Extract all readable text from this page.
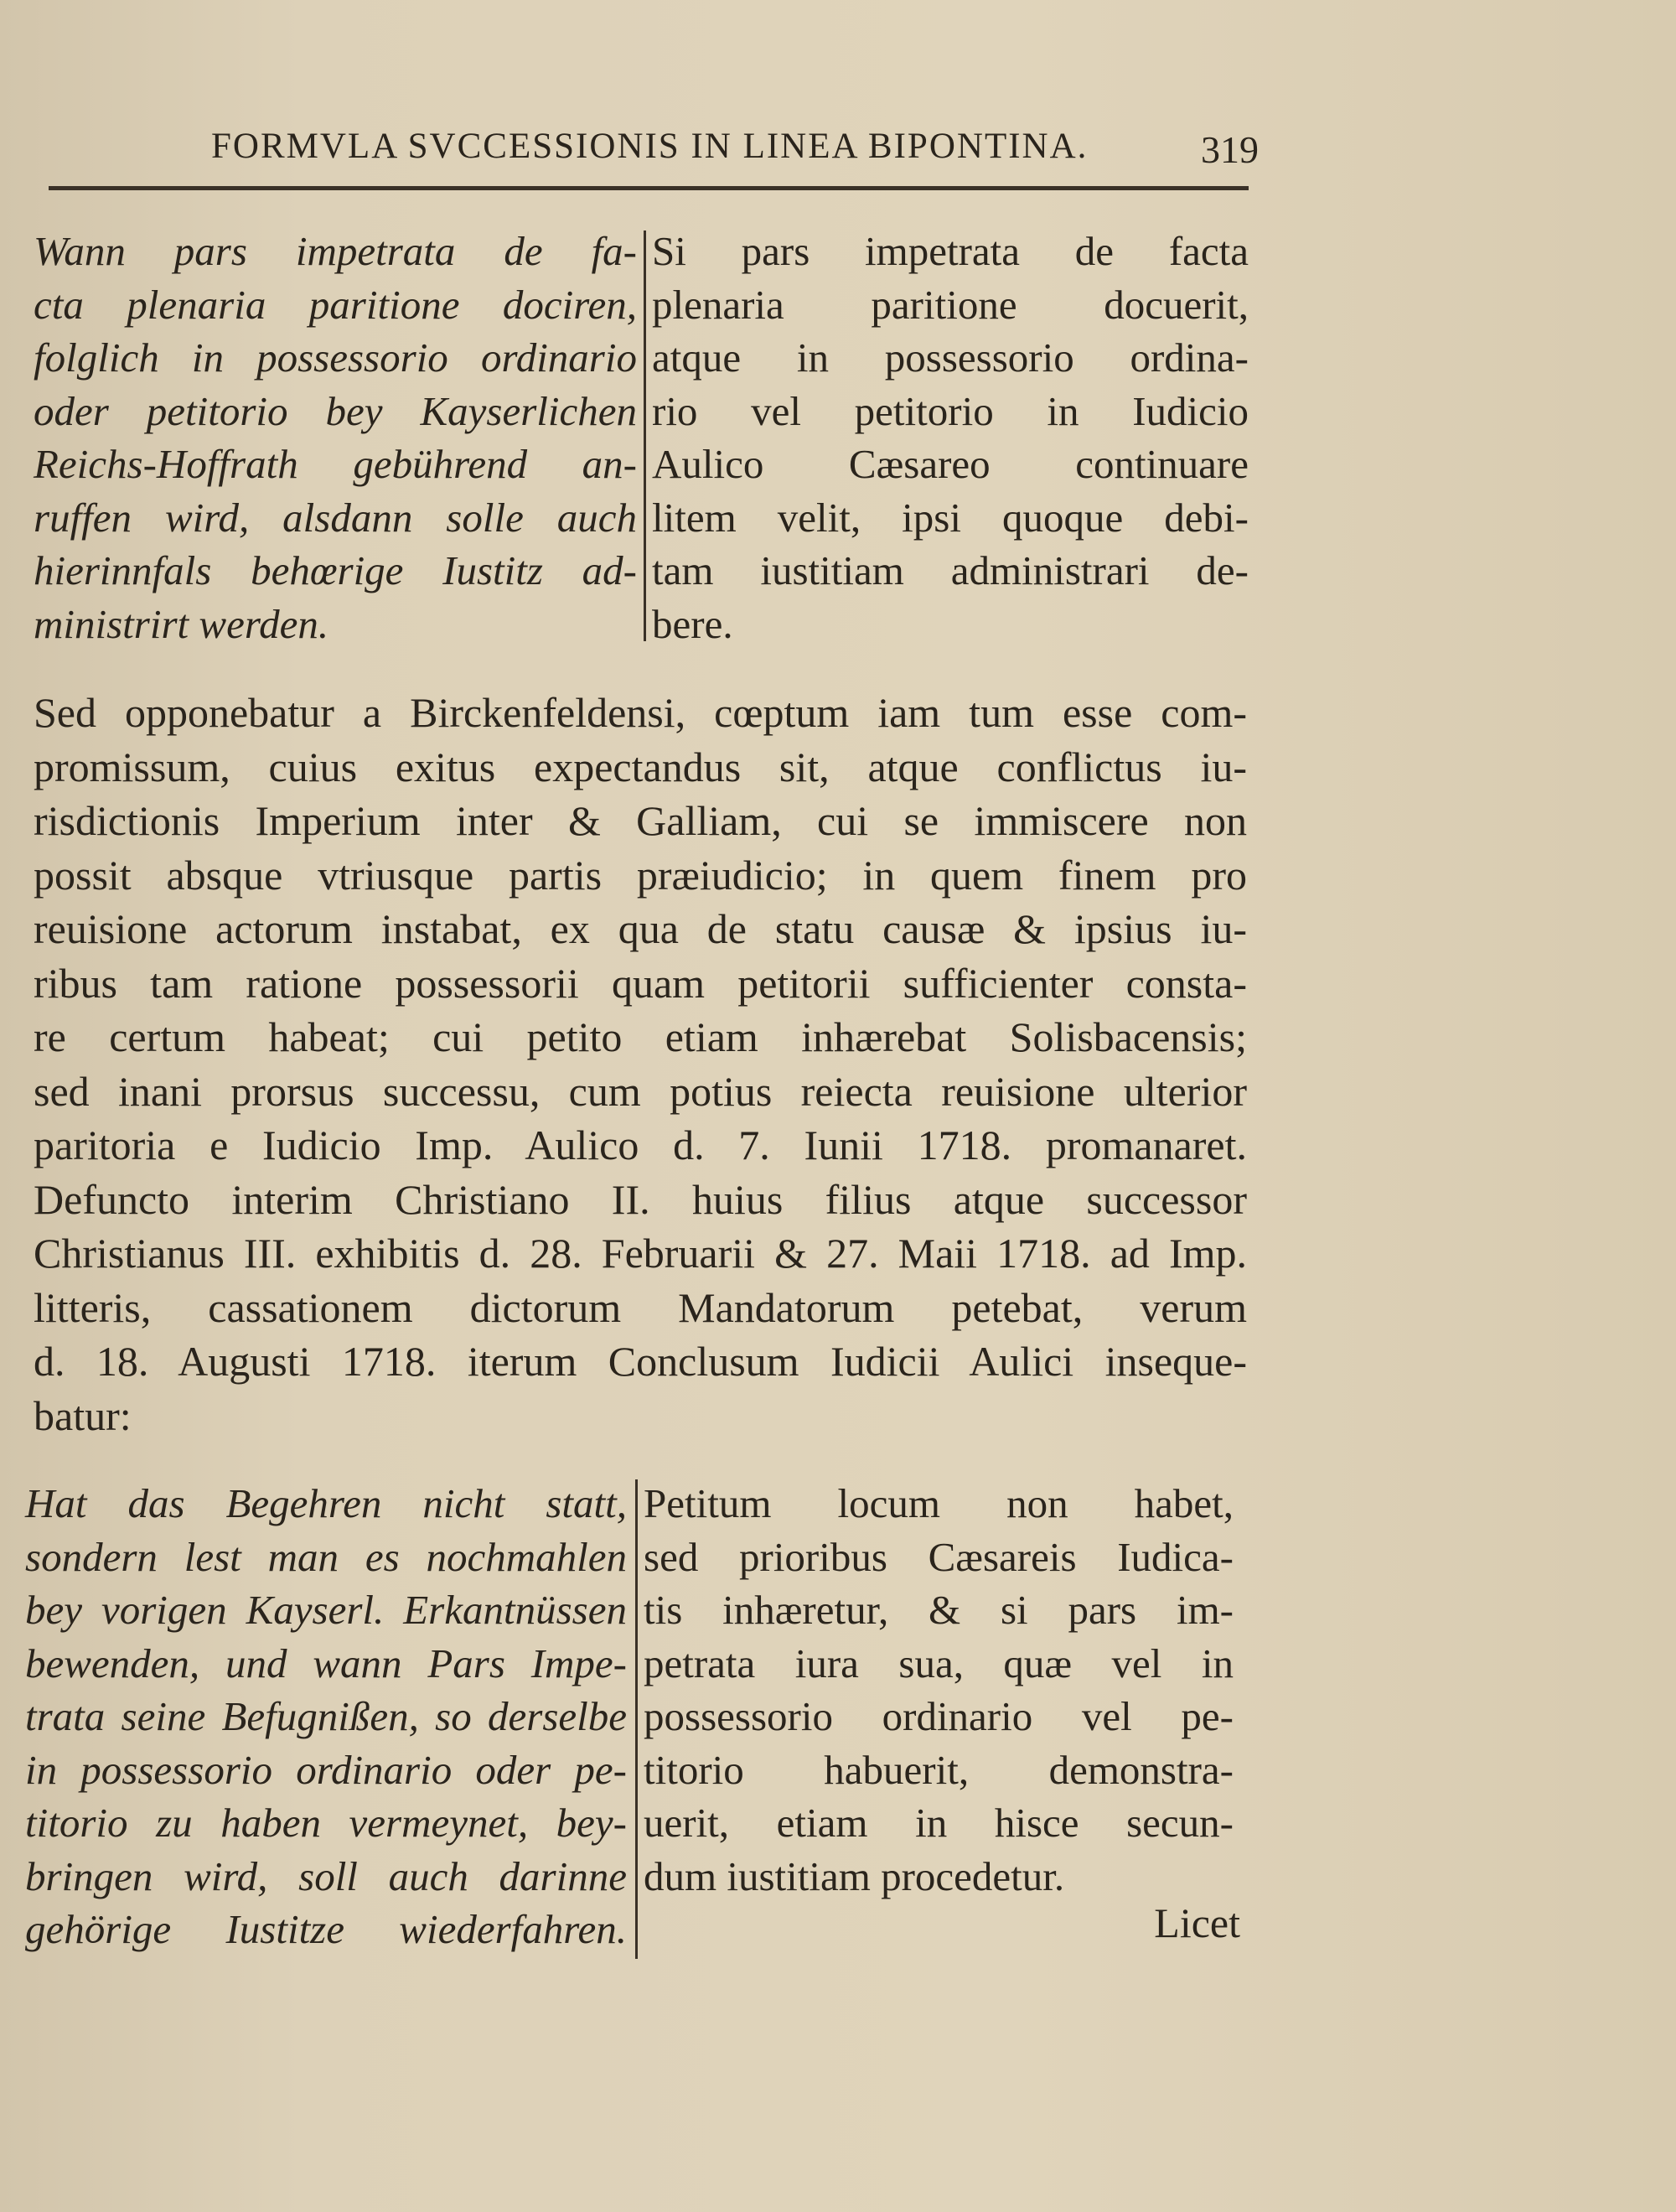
FORMVLA SVCCESSIONIS IN LINEA BIPONTINA.	319
Wann pars impetrata de fa-
cta plenaria paritione dociren,
folglich in possessorio ordinario
oder petitorio bey Kayserlichen
Reichs-Hoffrath gebührend an-
ruffen wird, alsdann solle auch
hierinnfals behœrige Iustitz ad-
ministrirt werden.
Si pars impetrata de facta
plenaria paritione docuerit,
atque in possessorio ordina-
rio vel petitorio in Iudicio
Aulico Cæsareo continuare
litem velit, ipsi quoque debi-
tam iustitiam administrari de-
bere.
Sed opponebatur a Birckenfeldensi, cœptum iam tum esse com-
promissum, cuius exitus expectandus sit, atque conflictus iu-
risdictionis Imperium inter & Galliam, cui se immiscere non
possit absque vtriusque partis præiudicio; in quem finem pro
reuisione actorum instabat, ex qua de statu causæ & ipsius iu-
ribus tam ratione possessorii quam petitorii sufficienter consta-
re certum habeat; cui petito etiam inhærebat Solisbacensis;
sed inani prorsus successu, cum potius reiecta reuisione ulterior
paritoria e Iudicio Imp. Aulico d. 7. Iunii 1718. promanaret.
Defuncto interim Christiano II. huius filius atque successor
Christianus III. exhibitis d. 28. Februarii & 27. Maii 1718. ad Imp.
litteris, cassationem dictorum Mandatorum petebat, verum
d. 18. Augusti 1718. iterum Conclusum Iudicii Aulici inseque-
batur:
Hat das Begehren nicht statt,
sondern lest man es nochmahlen
bey vorigen Kayserl. Erkantnüssen
bewenden, und wann Pars Impe-
trata seine Befugnißen, so derselbe
in possessorio ordinario oder pe-
titorio zu haben vermeynet, bey-
bringen wird, soll auch darinne
gehörige Iustitze wiederfahren.
Petitum locum non habet,
sed prioribus Cæsareis Iudica-
tis inhæretur, & si pars im-
petrata iura sua, quæ vel in
possessorio ordinario vel pe-
titorio habuerit, demonstra-
uerit, etiam in hisce secun-
dum iustitiam procedetur.
Licet
